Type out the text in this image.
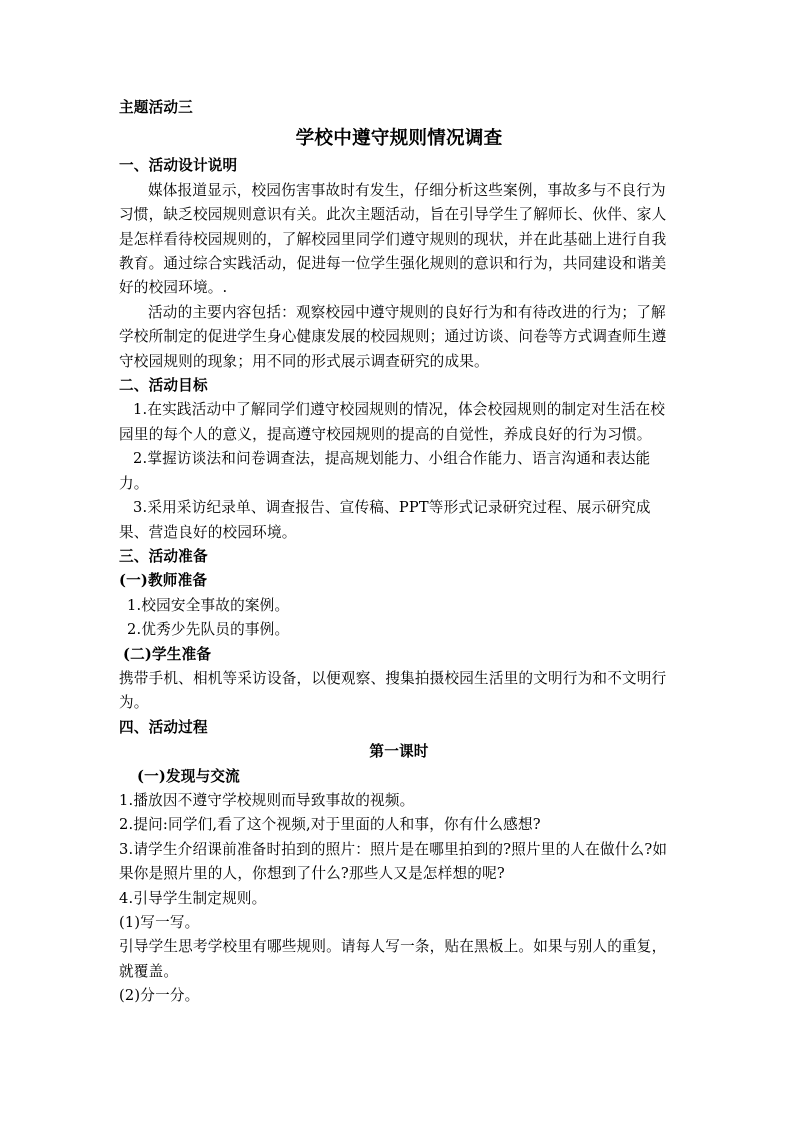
主题活动三
学校中遵守规则情况调查
一、活动设计说明

媒体报道显示，校园伤害事故时有发生，仔细分析这些案例，事故多与不良行为习惯，缺乏校园规则意识有关。此次主题活动，旨在引导学生了解师长、伙伴、家人是怎样看待校园规则的，了解校园里同学们遵守规则的现状，并在此基础上进行自我教育。通过综合实践活动，促进每一位学生强化规则的意识和行为，共同建设和谐美好的校园环境。.

活动的主要内容包括：观察校园中遵守规则的良好行为和有待改进的行为；了解学校所制定的促进学生身心健康发展的校园规则；通过访谈、问卷等方式调查师生遵守校园规则的现象；用不同的形式展示调查研究的成果。

二、活动目标

1.在实践活动中了解同学们遵守校园规则的情况，体会校园规则的制定对生活在校园里的每个人的意义，提高遵守校园规则的提高的自觉性，养成良好的行为习惯。

2.掌握访谈法和问卷调查法，提高规划能力、小组合作能力、语言沟通和表达能力。

3.采用采访纪录单、调查报告、宣传稿、PPT等形式记录研究过程、展示研究成果、营造良好的校园环境。

三、活动准备
(一)教师准备

1.校园安全事故的案例。

2.优秀少先队员的事例。

(二)学生准备

携带手机、相机等采访设备，以便观察、搜集拍摄校园生活里的文明行为和不文明行为。

四、活动过程
第一课时
(一)发现与交流

1.播放因不遵守学校规则而导致事故的视频。

2.提问:同学们,看了这个视频,对于里面的人和事，你有什么感想?

3.请学生介绍课前准备时拍到的照片：照片是在哪里拍到的?照片里的人在做什么?如果你是照片里的人，你想到了什么?那些人又是怎样想的呢?

4.引导学生制定规则。

(1)写一写。

引导学生思考学校里有哪些规则。请每人写一条，贴在黑板上。如果与别人的重复，就覆盖。

(2)分一分。
